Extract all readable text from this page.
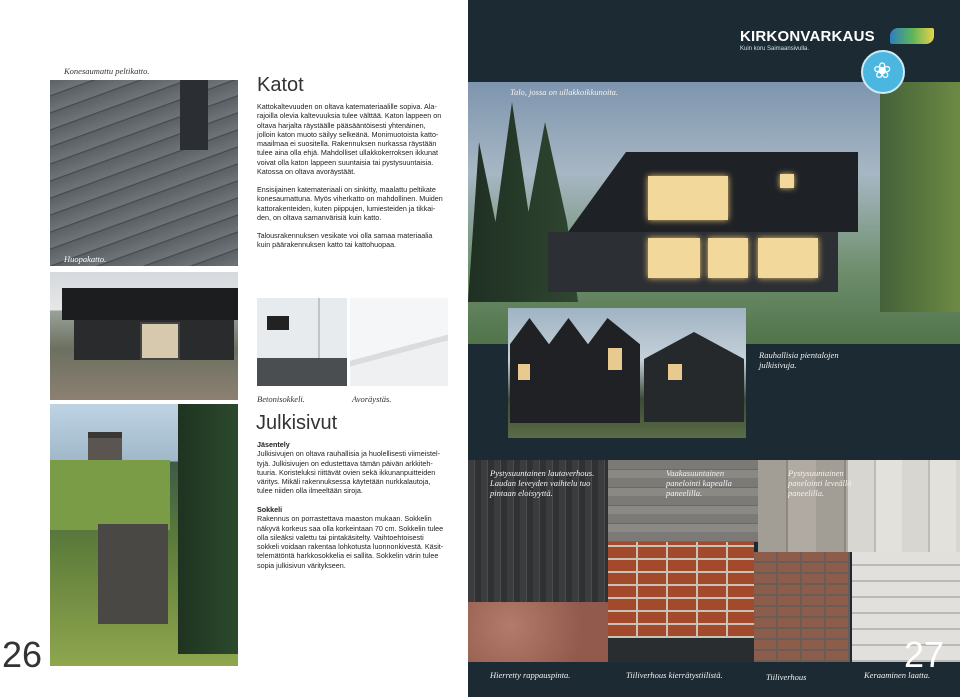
Konesaumattu peltikatto.
Huopakatto.
Katot
Kattokaltevuuden on oltava katemateriaalille sopiva. Ala-
rajoilla olevia kaltevuuksia tulee välttää. Katon lappeen on
oltava harjalta räystäälle pääsääntöisesti yhtenäinen,
jolloin katon muoto säilyy selkeänä. Monimuotoista katto-
maailmaa ei suositella. Rakennuksen nurkassa räystään
tulee aina olla ehjä. Mahdolliset ullakkokerroksen ikkunat
voivat olla katon lappeen suuntaisia tai pystysuuntaisia.
Katossa on oltava avoräystäät.
Ensisijainen katemateriaali on sinkitty, maalattu peltikate
konesaumattuna. Myös viherkatto on mahdollinen. Muiden
kattorakenteiden, kuten piippujen, lumiesteiden ja tikkai-
den, on oltava samanvärisiä kuin katto.
Talousrakennuksen vesikate voi olla samaa materiaalia
kuin päärakennuksen katto tai kattohuopaa.
Betonisokkeli.	Avoräystäs.
Julkisivut
Jäsentely
Julkisivujen on oltava rauhallisia ja huolellisesti viimeistel-
tyjä. Julkisivujen on edustettava tämän päivän arkkiteh-
tuuria. Koristeluksi riittävät ovien sekä ikkunanpuitteiden
väritys. Mikäli rakennuksessa käytetään nurkkalautoja,
tulee niiden olla ilmeeltään siroja.
Sokkeli
Rakennus on porrastettava maaston mukaan. Sokkelin
näkyvä korkeus saa olla korkeintaan 70 cm. Sokkelin tulee
olla sileäksi valettu tai pintakäsitelty. Vaihtoehtoisesti
sokkeli voidaan rakentaa lohkotusta luonnonkivestä. Käsit-
telemätöntä harkkosokkelia ei sallita. Sokkelin värin tulee
sopia julkisivun väritykseen.
26
KIRKONVARKAUS
Kuin koru Saimaansivulla.
❀
Talo, jossa on ullakkoikkunoita.
Rauhallisia pientalojen
julkisivuja.
Pystysuuntainen lautaverhous.
Laudan leveyden vaihtelu tuo
pintaan eloisyyttä.
Vaakasuuntainen
panelointi kapealla
paneelilla.
Pystysuuntainen
panelointi leveällä
paneelilla.
Hierretty rappauspinta.	Tiiliverhous kierrätystiilistä.	Tiiliverhous	Keraaminen laatta.
27
